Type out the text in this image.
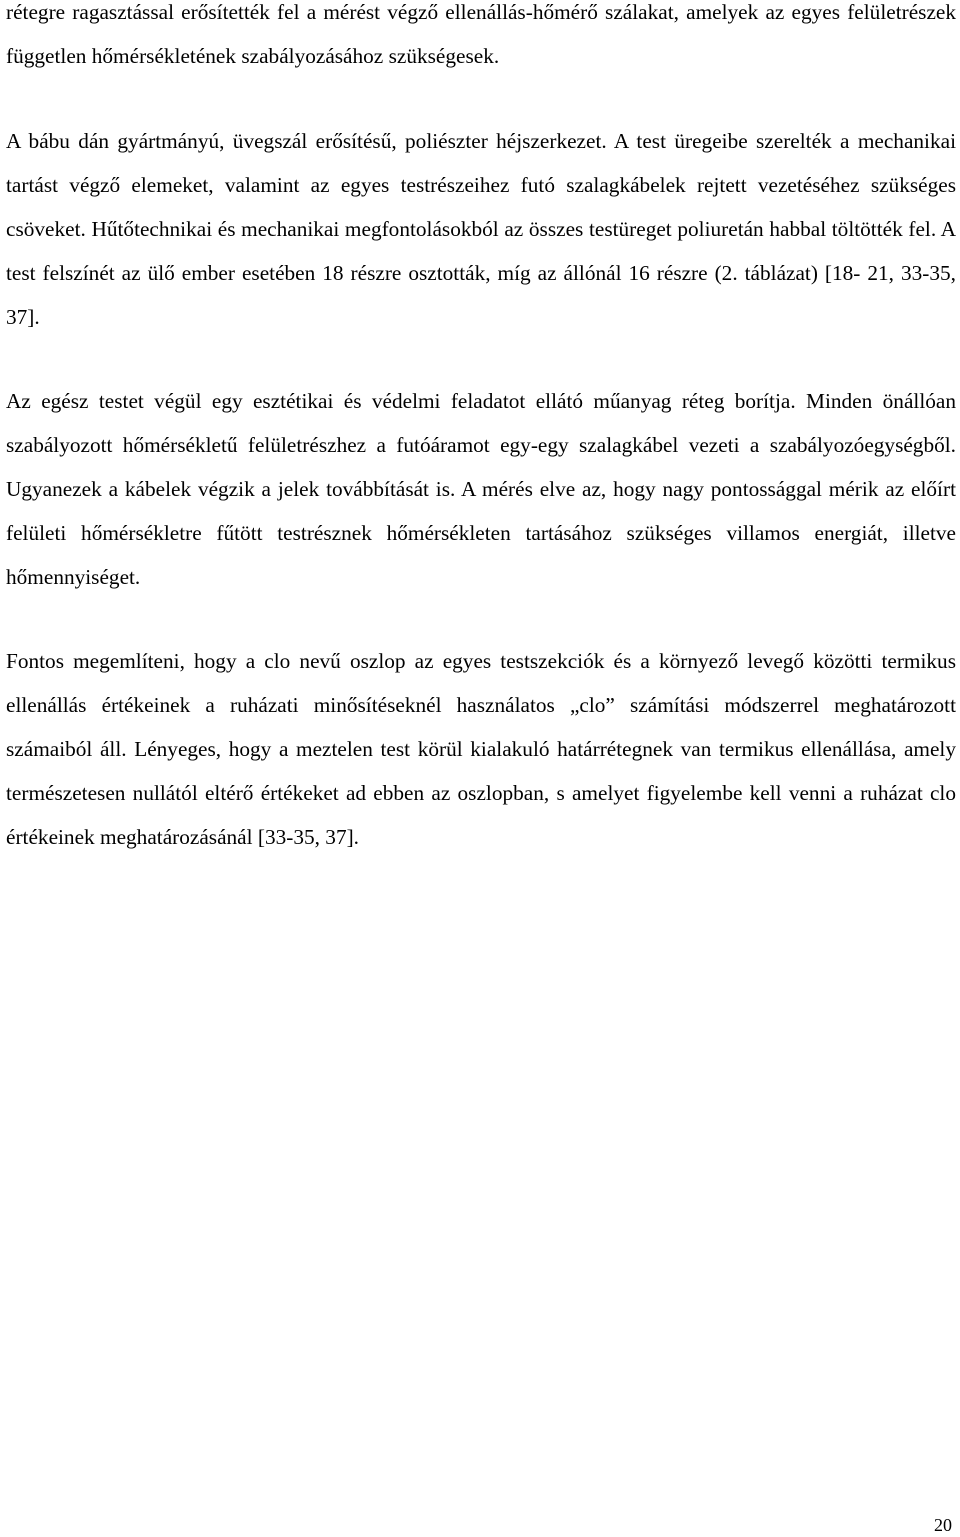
rétegre ragasztással erősítették fel a mérést végző ellenállás-hőmérő szálakat, amelyek az egyes felületrészek független hőmérsékletének szabályozásához szükségesek.

A bábu dán gyártmányú, üvegszál erősítésű, poliészter héjszerkezet. A test üregeibe szerelték a mechanikai tartást végző elemeket, valamint az egyes testrészeihez futó szalagkábelek rejtett vezetéséhez szükséges csöveket. Hűtőtechnikai és mechanikai megfontolásokból az összes testüreget poliuretán habbal töltötték fel. A test felszínét az ülő ember esetében 18 részre osztották, míg az állónál 16 részre (2. táblázat) [18- 21, 33-35, 37].

Az egész testet végül egy esztétikai és védelmi feladatot ellátó műanyag réteg borítja. Minden önállóan szabályozott hőmérsékletű felületrészhez a futóáramot egy-egy szalagkábel vezeti a szabályozóegységből. Ugyanezek a kábelek végzik a jelek továbbítását is. A mérés elve az, hogy nagy pontossággal mérik az előírt felületi hőmérsékletre fűtött testrésznek hőmérsékleten tartásához szükséges villamos energiát, illetve hőmennyiséget.

Fontos megemlíteni, hogy a clo nevű oszlop az egyes testszekciók és a környező levegő közötti termikus ellenállás értékeinek a ruházati minősítéseknél használatos „clo” számítási módszerrel meghatározott számaiból áll. Lényeges, hogy a meztelen test körül kialakuló határrétegnek van termikus ellenállása, amely természetesen nullától eltérő értékeket ad ebben az oszlopban, s amelyet figyelembe kell venni a ruházat clo értékeinek meghatározásánál [33-35, 37].

20
